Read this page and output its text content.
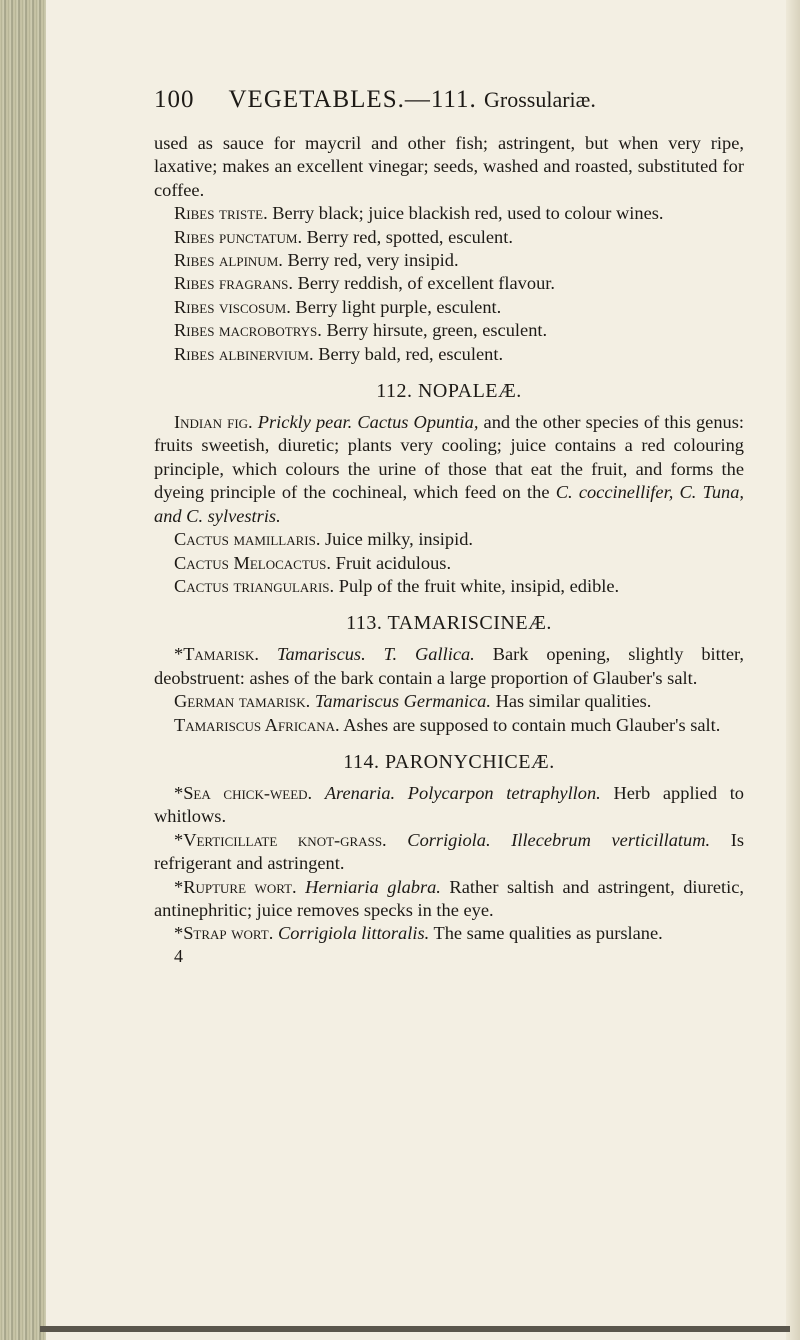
100 VEGETABLES.—111. Grossulariæ.

used as sauce for maycril and other fish; astringent, but when very ripe, laxative; makes an excellent vinegar; seeds, washed and roasted, substituted for coffee.

Ribes triste. Berry black; juice blackish red, used to colour wines.

Ribes punctatum. Berry red, spotted, esculent.

Ribes alpinum. Berry red, very insipid.

Ribes fragrans. Berry reddish, of excellent flavour.

Ribes viscosum. Berry light purple, esculent.

Ribes macrobotrys. Berry hirsute, green, esculent.

Ribes albinervium. Berry bald, red, esculent.

112. NOPALEÆ.

Indian fig. Prickly pear. Cactus Opuntia, and the other species of this genus: fruits sweetish, diuretic; plants very cooling; juice contains a red colouring principle, which colours the urine of those that eat the fruit, and forms the dyeing principle of the cochineal, which feed on the C. coccinellifer, C. Tuna, and C. sylvestris.

Cactus mamillaris. Juice milky, insipid.

Cactus Melocactus. Fruit acidulous.

Cactus triangularis. Pulp of the fruit white, insipid, edible.

113. TAMARISCINEÆ.

*Tamarisk. Tamariscus. T. Gallica. Bark opening, slightly bitter, deobstruent: ashes of the bark contain a large proportion of Glauber's salt.

German tamarisk. Tamariscus Germanica. Has similar qualities.

Tamariscus Africana. Ashes are supposed to contain much Glauber's salt.

114. PARONYCHICEÆ.

*Sea chick-weed. Arenaria. Polycarpon tetraphyllon. Herb applied to whitlows.

*Verticillate knot-grass. Corrigiola. Illecebrum verticillatum. Is refrigerant and astringent.

*Rupture wort. Herniaria glabra. Rather saltish and astringent, diuretic, antinephritic; juice removes specks in the eye.

*Strap wort. Corrigiola littoralis. The same qualities as purslane.

4
